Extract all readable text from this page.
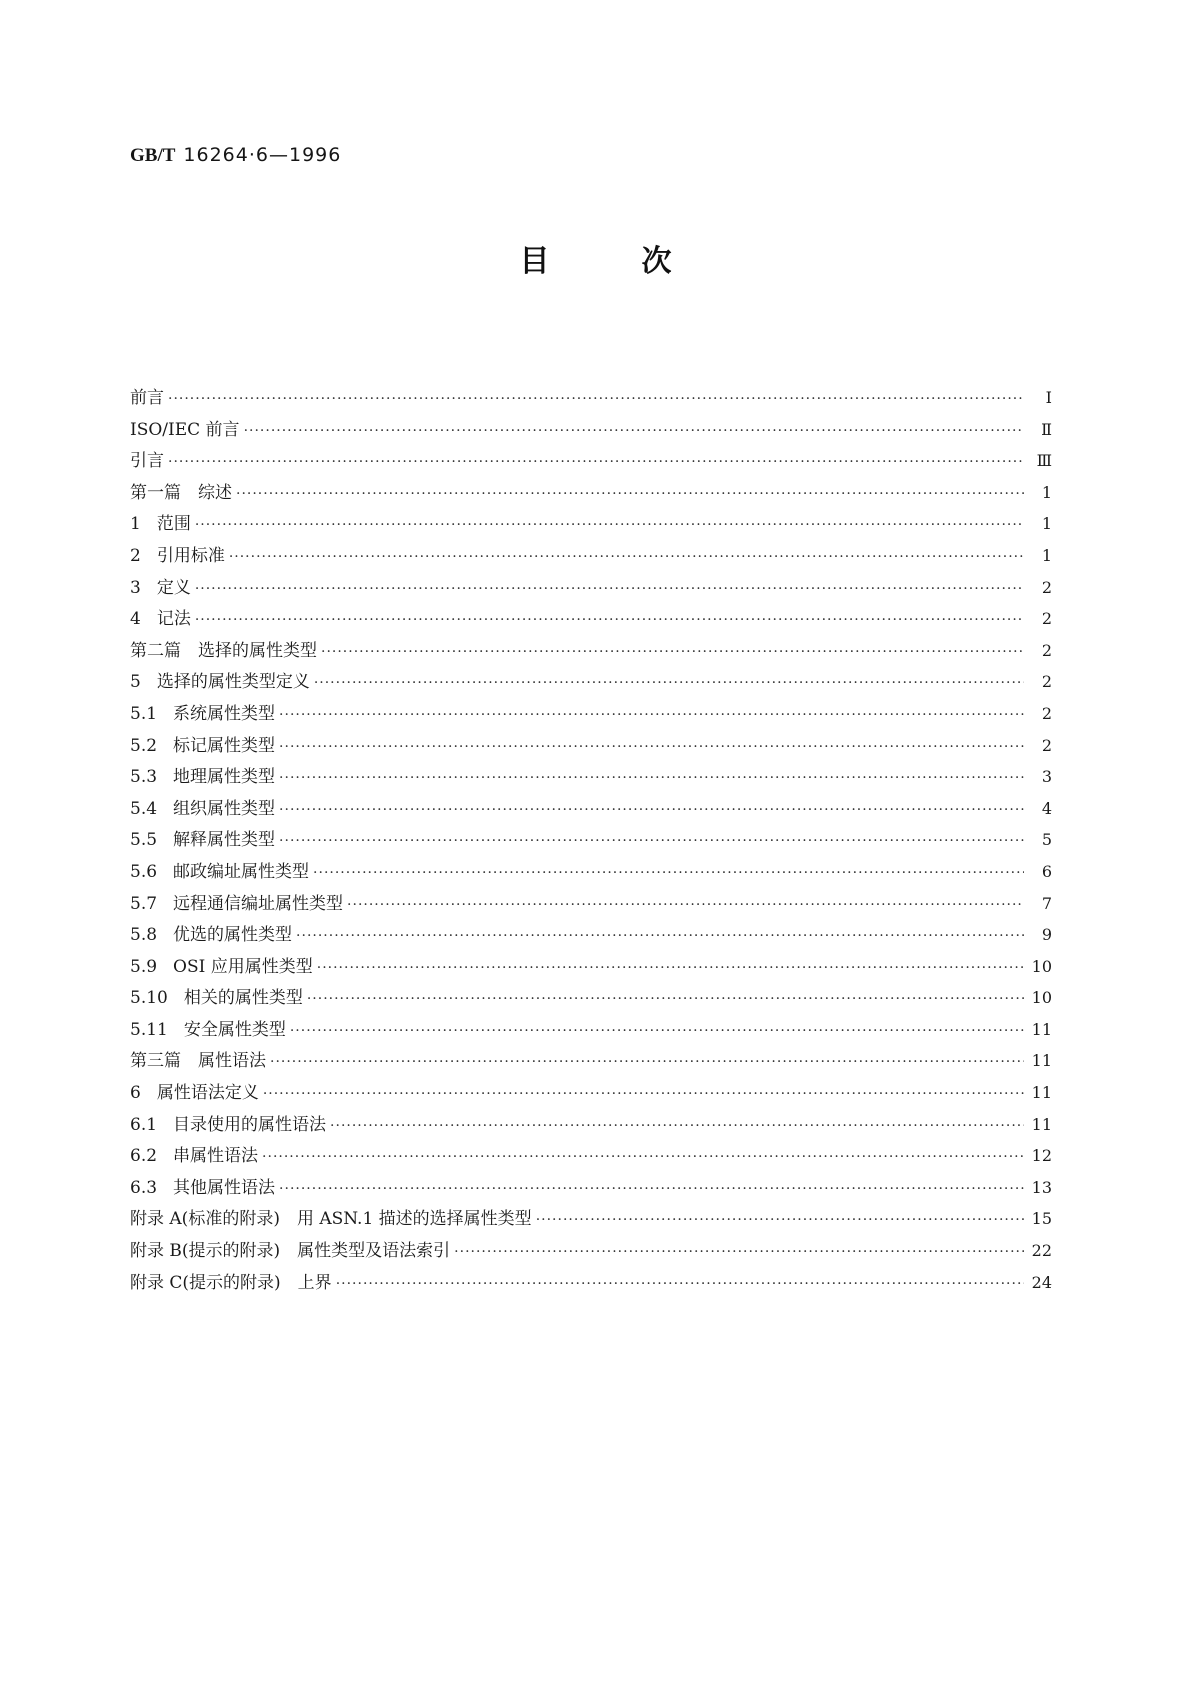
GB/T 16264·6—1996
目	次
前言 ·····	Ⅰ
ISO/IEC 前言 ·····	Ⅱ
引言 ·····	Ⅲ
第一篇　综述 ·····	1
1 范围 ·····	1
2 引用标准 ·····	1
3 定义 ·····	2
4 记法 ·····	2
第二篇　选择的属性类型 ·····	2
5 选择的属性类型定义 ·····	2
5.1 系统属性类型 ·····	2
5.2 标记属性类型 ·····	2
5.3 地理属性类型 ·····	3
5.4 组织属性类型 ·····	4
5.5 解释属性类型 ·····	5
5.6 邮政编址属性类型 ·····	6
5.7 远程通信编址属性类型 ·····	7
5.8 优选的属性类型 ·····	9
5.9 OSI 应用属性类型 ·····	10
5.10 相关的属性类型 ·····	10
5.11 安全属性类型 ·····	11
第三篇　属性语法 ·····	11
6 属性语法定义 ·····	11
6.1 目录使用的属性语法 ·····	11
6.2 串属性语法 ·····	12
6.3 其他属性语法 ·····	13
附录 A(标准的附录)　用 ASN.1 描述的选择属性类型 ·····	15
附录 B(提示的附录)　属性类型及语法索引 ·····	22
附录 C(提示的附录)　上界 ·····	24
